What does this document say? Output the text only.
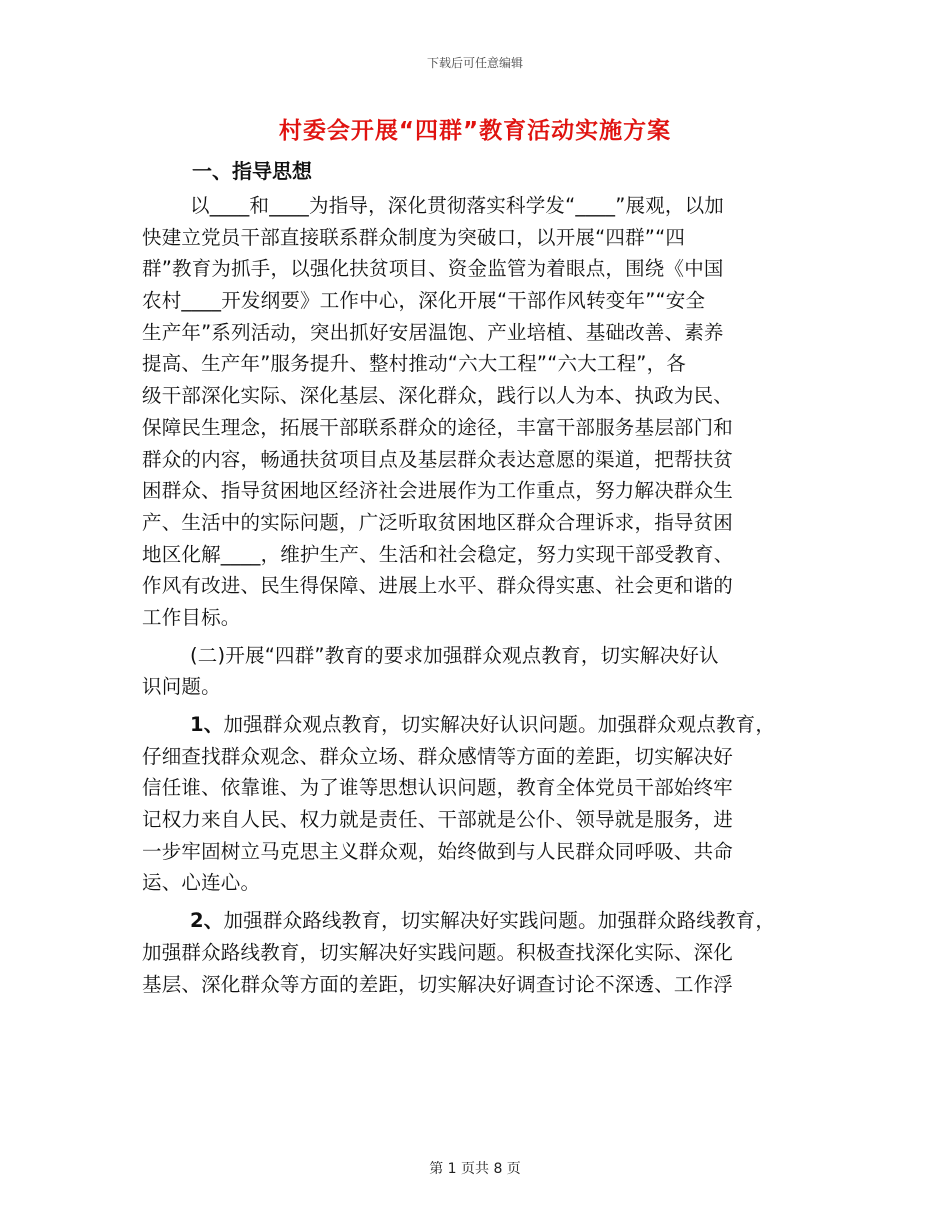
下载后可任意编辑
村委会开展“四群”教育活动实施方案
一、指导思想
以____和____为指导，深化贯彻落实科学发“____”展观，以加
快建立党员干部直接联系群众制度为突破口，以开展“四群”“四
群”教育为抓手，以强化扶贫项目、资金监管为着眼点，围绕《中国
农村____开发纲要》工作中心，深化开展“干部作风转变年”“安全
生产年”系列活动，突出抓好安居温饱、产业培植、基础改善、素养
提高、生产年”服务提升、整村推动“六大工程”“六大工程”，各
级干部深化实际、深化基层、深化群众，践行以人为本、执政为民、
保障民生理念，拓展干部联系群众的途径，丰富干部服务基层部门和
群众的内容，畅通扶贫项目点及基层群众表达意愿的渠道，把帮扶贫
困群众、指导贫困地区经济社会进展作为工作重点，努力解决群众生
产、生活中的实际问题，广泛听取贫困地区群众合理诉求，指导贫困
地区化解____，维护生产、生活和社会稳定，努力实现干部受教育、
作风有改进、民生得保障、进展上水平、群众得实惠、社会更和谐的
工作目标。
(二)开展“四群”教育的要求加强群众观点教育，切实解决好认
识问题。
1、加强群众观点教育，切实解决好认识问题。加强群众观点教育，
仔细查找群众观念、群众立场、群众感情等方面的差距，切实解决好
信任谁、依靠谁、为了谁等思想认识问题，教育全体党员干部始终牢
记权力来自人民、权力就是责任、干部就是公仆、领导就是服务，进
一步牢固树立马克思主义群众观，始终做到与人民群众同呼吸、共命
运、心连心。
2、加强群众路线教育，切实解决好实践问题。加强群众路线教育，
加强群众路线教育，切实解决好实践问题。积极查找深化实际、深化
基层、深化群众等方面的差距，切实解决好调查讨论不深透、工作浮
第 1 页共 8 页
